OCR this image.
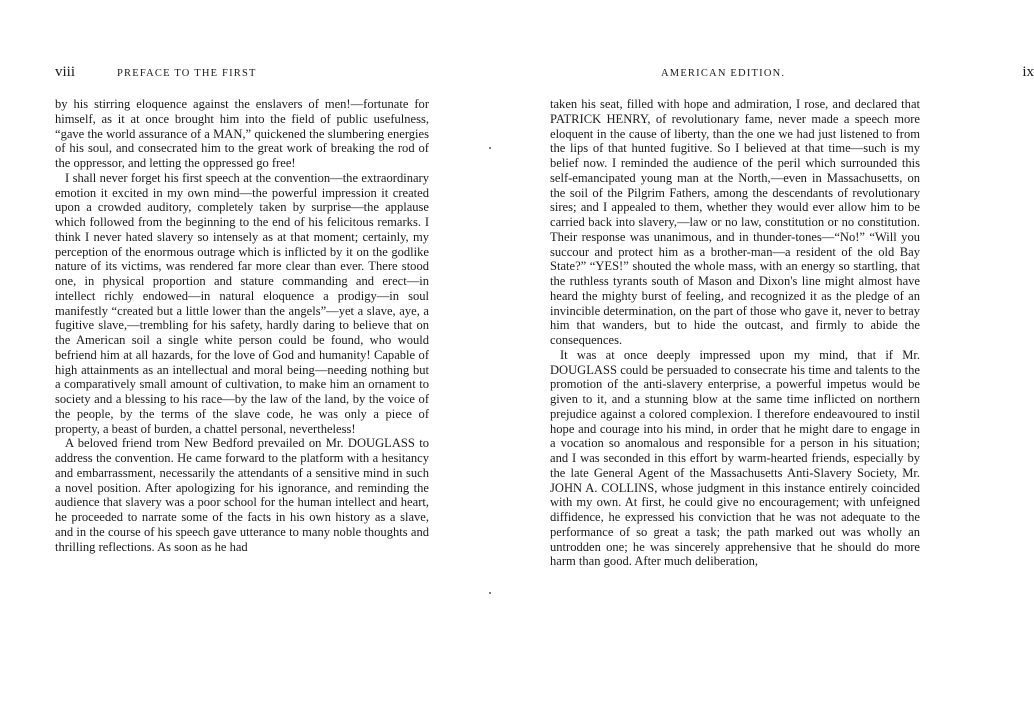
viii	PREFACE TO THE FIRST

by his stirring eloquence against the enslavers of men!—fortunate for himself, as it at once brought him into the field of public usefulness, “gave the world assurance of a MAN,” quickened the slumbering energies of his soul, and consecrated him to the great work of breaking the rod of the oppressor, and letting the oppressed go free!

I shall never forget his first speech at the convention—the extraordinary emotion it excited in my own mind—the powerful impression it created upon a crowded auditory, completely taken by surprise—the applause which followed from the beginning to the end of his felicitous remarks. I think I never hated slavery so intensely as at that moment; certainly, my perception of the enormous outrage which is inflicted by it on the godlike nature of its victims, was rendered far more clear than ever. There stood one, in physical proportion and stature commanding and erect—in intellect richly endowed—in natural eloquence a prodigy—in soul manifestly “created but a little lower than the angels”—yet a slave, aye, a fugitive slave,—trembling for his safety, hardly daring to believe that on the American soil a single white person could be found, who would befriend him at all hazards, for the love of God and humanity! Capable of high attainments as an intellectual and moral being—needing nothing but a comparatively small amount of cultivation, to make him an ornament to society and a blessing to his race—by the law of the land, by the voice of the people, by the terms of the slave code, he was only a piece of property, a beast of burden, a chattel personal, nevertheless!

A beloved friend trom New Bedford prevailed on Mr. DOUGLASS to address the convention. He came forward to the platform with a hesitancy and embarrassment, necessarily the attendants of a sensitive mind in such a novel position. After apologizing for his ignorance, and reminding the audience that slavery was a poor school for the human intellect and heart, he proceeded to narrate some of the facts in his own history as a slave, and in the course of his speech gave utterance to many noble thoughts and thrilling reflections. As soon as he had

AMERICAN EDITION.	ix

taken his seat, filled with hope and admiration, I rose, and declared that PATRICK HENRY, of revolutionary fame, never made a speech more eloquent in the cause of liberty, than the one we had just listened to from the lips of that hunted fugitive. So I believed at that time—such is my belief now. I reminded the audience of the peril which surrounded this self-emancipated young man at the North,—even in Massachusetts, on the soil of the Pilgrim Fathers, among the descendants of revolutionary sires; and I appealed to them, whether they would ever allow him to be carried back into slavery,—law or no law, constitution or no constitution. Their response was unanimous, and in thunder-tones—“No!” “Will you succour and protect him as a brother-man—a resident of the old Bay State?” “YES!” shouted the whole mass, with an energy so startling, that the ruthless tyrants south of Mason and Dixon's line might almost have heard the mighty burst of feeling, and recognized it as the pledge of an invincible determination, on the part of those who gave it, never to betray him that wanders, but to hide the outcast, and firmly to abide the consequences.

It was at once deeply impressed upon my mind, that if Mr. DOUGLASS could be persuaded to consecrate his time and talents to the promotion of the anti-slavery enterprise, a powerful impetus would be given to it, and a stunning blow at the same time inflicted on northern prejudice against a colored complexion. I therefore endeavoured to instil hope and courage into his mind, in order that he might dare to engage in a vocation so anomalous and responsible for a person in his situation; and I was seconded in this effort by warm-hearted friends, especially by the late General Agent of the Massachusetts Anti-Slavery Society, Mr. JOHN A. COLLINS, whose judgment in this instance entirely coincided with my own. At first, he could give no encouragement; with unfeigned diffidence, he expressed his conviction that he was not adequate to the performance of so great a task; the path marked out was wholly an untrodden one; he was sincerely apprehensive that he should do more harm than good. After much deliberation,
